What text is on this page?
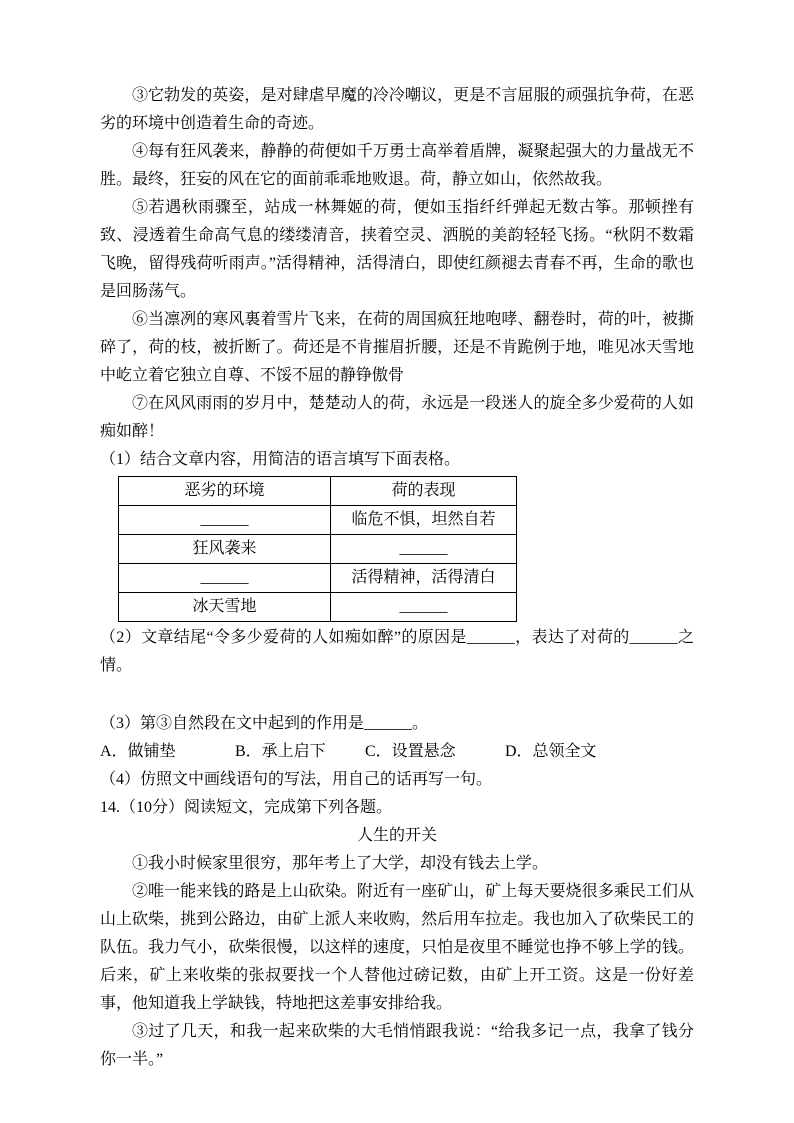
③它勃发的英姿，是对肆虐早魔的冷冷嘲议，更是不言屈服的顽强抗争荷，在恶劣的环境中创造着生命的奇迹。

④每有狂风袭来，静静的荷便如千万勇士高举着盾牌，凝聚起强大的力量战无不胜。最终，狂妄的风在它的面前乖乖地败退。荷，静立如山，依然故我。

⑤若遇秋雨骤至，站成一林舞姬的荷，便如玉指纤纤弹起无数古筝。那顿挫有致、浸透着生命高气息的缕缕清音，挟着空灵、洒脱的美韵轻轻飞扬。“秋阴不数霜飞晚，留得残荷听雨声。”活得精神，活得清白，即使红颜褪去青春不再，生命的歌也是回肠荡气。

⑥当凛冽的寒风裏着雪片飞来，在荷的周国疯狂地咆哮、翻卷时，荷的叶，被撕碎了，荷的枝，被折断了。荷还是不肯摧眉折腰，还是不肯跪例于地，唯见冰天雪地中屹立着它独立自尊、不馁不屈的静铮傲骨

⑦在风风雨雨的岁月中，楚楚动人的荷，永远是一段迷人的旋全多少爱荷的人如痴如醉！

（1）结合文章内容，用简洁的语言填写下面表格。

恶劣的环境	荷的表现
______	临危不惧，坦然自若
狂风袭来	______
______	活得精神，活得清白
冰天雪地	______

（2）文章结尾“令多少爱荷的人如痴如醉”的原因是______，表达了对荷的______之情。

（3）第③自然段在文中起到的作用是______。

A．做铺垫	B．承上启下	C．设置悬念	D．总领全文

（4）仿照文中画线语句的写法，用自己的话再写一句。

14.（10分）阅读短文，完成第下列各题。

人生的开关

①我小时候家里很穷，那年考上了大学，却没有钱去上学。

②唯一能来钱的路是上山砍染。附近有一座矿山，矿上每天要烧很多乘民工们从山上砍柴，挑到公路边，由矿上派人来收购，然后用车拉走。我也加入了砍柴民工的队伍。我力气小，砍柴很慢，以这样的速度，只怕是夜里不睡觉也挣不够上学的钱。后来，矿上来收柴的张叔要找一个人替他过磅记数，由矿上开工资。这是一份好差事，他知道我上学缺钱，特地把这差事安排给我。

③过了几天，和我一起来砍柴的大毛悄悄跟我说：“给我多记一点，我拿了钱分你一半。”
